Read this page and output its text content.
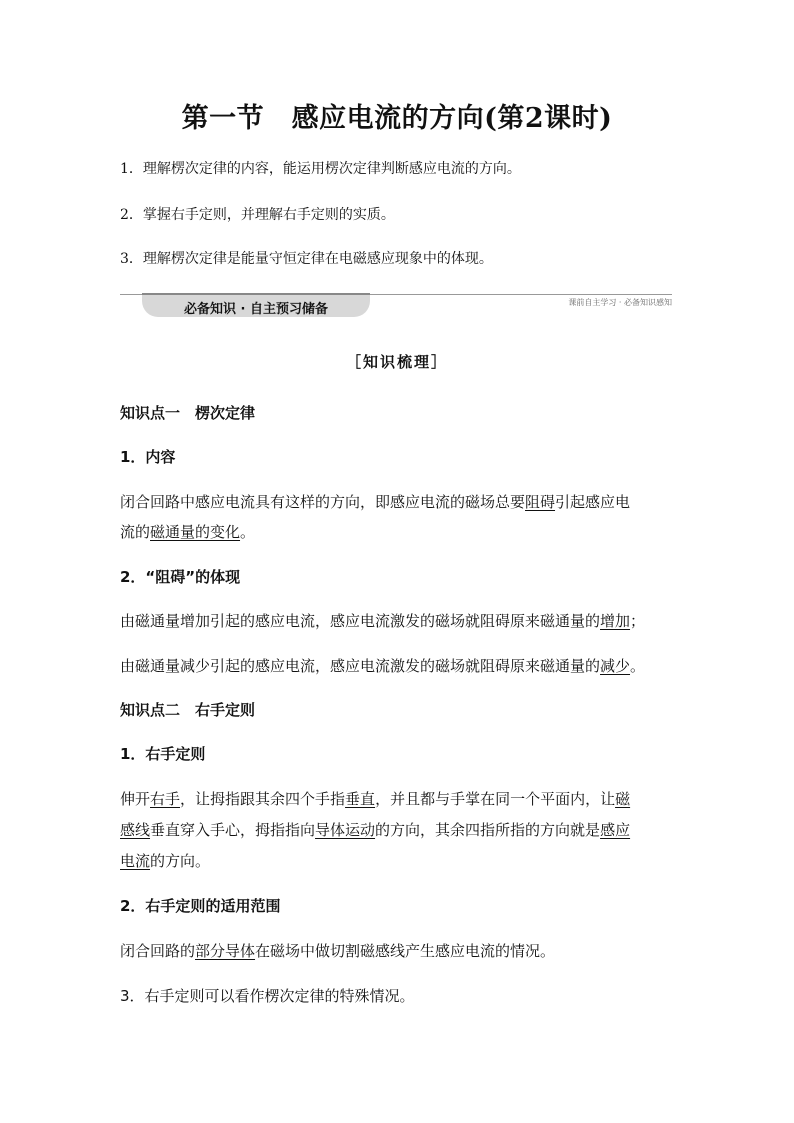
第一节　感应电流的方向(第2课时)
1．理解楞次定律的内容，能运用楞次定律判断感应电流的方向。
2．掌握右手定则，并理解右手定则的实质。
3．理解楞次定律是能量守恒定律在电磁感应现象中的体现。
必备知识 · 自主预习储备	课前自主学习 · 必备知识感知
［知识梳理］
知识点一　楞次定律
1．内容
闭合回路中感应电流具有这样的方向，即感应电流的磁场总要阻碍引起感应电
流的磁通量的变化。
2．“阻碍”的体现
由磁通量增加引起的感应电流，感应电流激发的磁场就阻碍原来磁通量的增加；
由磁通量减少引起的感应电流，感应电流激发的磁场就阻碍原来磁通量的减少。
知识点二　右手定则
1．右手定则
伸开右手，让拇指跟其余四个手指垂直，并且都与手掌在同一个平面内，让磁
感线垂直穿入手心，拇指指向导体运动的方向，其余四指所指的方向就是感应
电流的方向。
2．右手定则的适用范围
闭合回路的部分导体在磁场中做切割磁感线产生感应电流的情况。
3．右手定则可以看作楞次定律的特殊情况。
